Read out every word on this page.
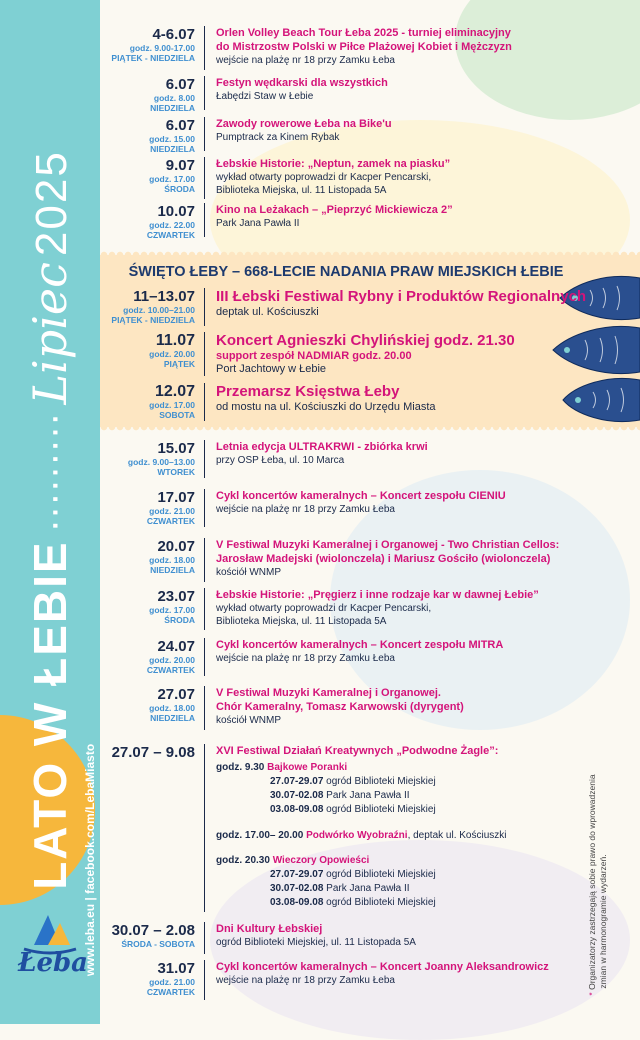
LATO W ŁEBIE·········Lipiec2025
www.leba.eu | facebook.com/LebaMiasto
Łeba
ŚWIĘTO ŁEBY – 668-LECIE NADANIA PRAW MIEJSKICH ŁEBIE
4-6.07
godz. 9.00-17.00
PIĄTEK - NIEDZIELA
Orlen Volley Beach Tour Łeba 2025 - turniej eliminacyjny
do Mistrzostw Polski w Piłce Plażowej Kobiet i Mężczyzn
wejście na plażę nr 18 przy Zamku Łeba
6.07
godz. 8.00
NIEDZIELA
Festyn wędkarski dla wszystkich
Łabędzi Staw w Łebie
6.07
godz. 15.00
NIEDZIELA
Zawody rowerowe Łeba na Bike'u
Pumptrack za Kinem Rybak
9.07
godz. 17.00
ŚRODA
Łebskie Historie: „Neptun, zamek na piasku”
wykład otwarty poprowadzi dr Kacper Pencarski,
Biblioteka Miejska, ul. 11 Listopada 5A
10.07
godz. 22.00
CZWARTEK
Kino na Leżakach – „Pieprzyć Mickiewicza 2”
Park Jana Pawła II
11–13.07
godz. 10.00–21.00
PIĄTEK - NIEDZIELA
III Łebski Festiwal Rybny i Produktów Regionalnych
deptak ul. Kościuszki
11.07
godz. 20.00
PIĄTEK
Koncert Agnieszki Chylińskiej godz. 21.30
support zespół NADMIAR godz. 20.00
Port Jachtowy w Łebie
12.07
godz. 17.00
SOBOTA
Przemarsz Księstwa Łeby
od mostu na ul. Kościuszki do Urzędu Miasta
15.07
godz. 9.00–13.00
WTOREK
Letnia edycja ULTRAKRWI - zbiórka krwi
przy OSP Łeba, ul. 10 Marca
17.07
godz. 21.00
CZWARTEK
Cykl koncertów kameralnych – Koncert zespołu CIENIU
wejście na plażę nr 18 przy Zamku Łeba
20.07
godz. 18.00
NIEDZIELA
V Festiwal Muzyki Kameralnej i Organowej - Two Christian Cellos:
Jarosław Madejski (wiolonczela) i Mariusz Gościło (wiolonczela)
kościół WNMP
23.07
godz. 17.00
ŚRODA
Łebskie Historie: „Pręgierz i inne rodzaje kar w dawnej Łebie”
wykład otwarty poprowadzi dr Kacper Pencarski,
Biblioteka Miejska, ul. 11 Listopada 5A
24.07
godz. 20.00
CZWARTEK
Cykl koncertów kameralnych – Koncert zespołu MITRA
wejście na plażę nr 18 przy Zamku Łeba
27.07
godz. 18.00
NIEDZIELA
V Festiwal Muzyki Kameralnej i Organowej.
Chór Kameralny, Tomasz Karwowski (dyrygent)
kościół WNMP
27.07 – 9.08 XVI Festiwal Działań Kreatywnych „Podwodne Żagle”:
godz. 9.30 Bajkowe Poranki
27.07-29.07 ogród Biblioteki Miejskiej
30.07-02.08 Park Jana Pawła II
03.08-09.08 ogród Biblioteki Miejskiej
godz. 17.00– 20.00 Podwórko Wyobraźni, deptak ul. Kościuszki
godz. 20.30 Wieczory Opowieści
27.07-29.07 ogród Biblioteki Miejskiej
30.07-02.08 Park Jana Pawła II
03.08-09.08 ogród Biblioteki Miejskiej
30.07 – 2.08
ŚRODA - SOBOTA
Dni Kultury Łebskiej
ogród Biblioteki Miejskiej, ul. 11 Listopada 5A
31.07
godz. 21.00
CZWARTEK
Cykl koncertów kameralnych – Koncert Joanny Aleksandrowicz
wejście na plażę nr 18 przy Zamku Łeba
* Organizatorzy zastrzegają sobie prawo do wprowadzenia zmian w harmonogramie wydarzeń.
